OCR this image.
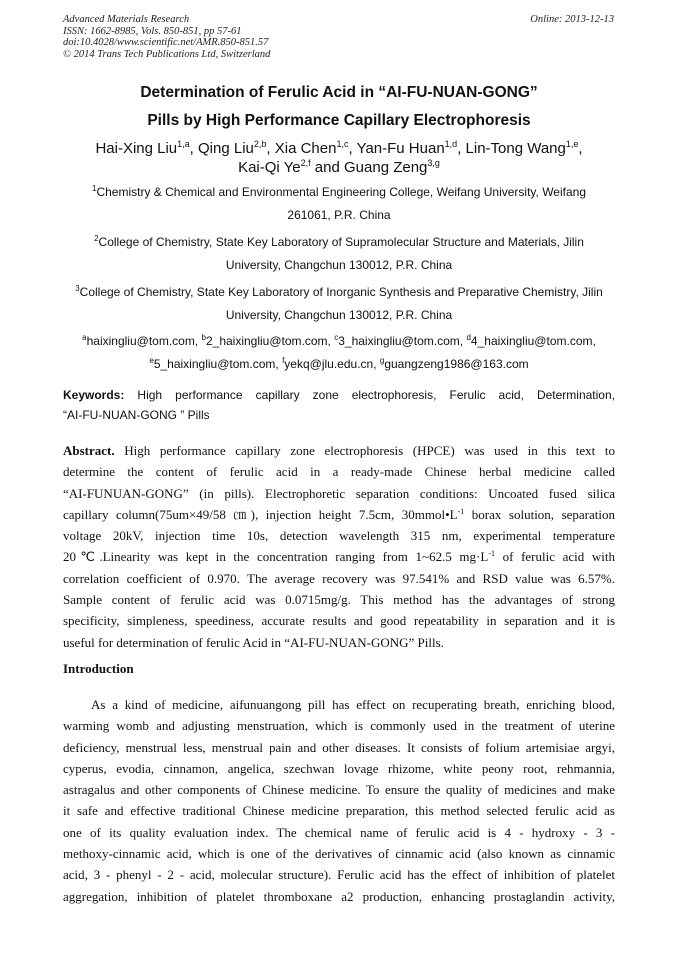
Advanced Materials Research
ISSN: 1662-8985, Vols. 850-851, pp 57-61
doi:10.4028/www.scientific.net/AMR.850-851.57
© 2014 Trans Tech Publications Ltd, Switzerland
Online: 2013-12-13
Determination of Ferulic Acid in “AI-FU-NUAN-GONG”
Pills by High Performance Capillary Electrophoresis
Hai-Xing Liu$^{1,a}$, Qing Liu$^{2,b}$, Xia Chen$^{1,c}$, Yan-Fu Huan$^{1,d}$, Lin-Tong Wang$^{1,e}$,
Kai-Qi Ye$^{2,f}$ and Guang Zeng$^{3,g}$
$^1$Chemistry & Chemical and Environmental Engineering College, Weifang University, Weifang
261061, P.R. China
$^2$College of Chemistry, State Key Laboratory of Supramolecular Structure and Materials, Jilin
University, Changchun 130012, P.R. China
$^3$College of Chemistry, State Key Laboratory of Inorganic Synthesis and Preparative Chemistry, Jilin
University, Changchun 130012, P.R. China
$^a$haixingliu@tom.com, $^b$2_haixingliu@tom.com, $^c$3_haixingliu@tom.com, $^d$4_haixingliu@tom.com,
$^e$5_haixingliu@tom.com, $^f$yekq@jlu.edu.cn, $^g$guangzeng1986@163.com
Keywords: High performance capillary zone electrophoresis, Ferulic acid, Determination,
“AI-FU-NUAN-GONG ” Pills
Abstract. High performance capillary zone electrophoresis (HPCE) was used in this text to
determine the content of ferulic acid in a ready-made Chinese herbal medicine called
“AI-FUNUAN-GONG” (in pills). Electrophoretic separation conditions: Uncoated fused silica
capillary column(75um×49/58 ㎝), injection height 7.5cm, $30mmol•L^{-1}$ borax solution, separation
voltage 20kV, injection time 10s, detection wavelength 315 nm, experimental temperature
20℃.Linearity was kept in the concentration ranging from 1~62.5 $mg\cdot L^{-1}$ of ferulic acid with
correlation coefficient of 0.970. The average recovery was 97.541% and RSD value was 6.57%.
Sample content of ferulic acid was 0.0715mg/g. This method has the advantages of strong
specificity, simpleness, speediness, accurate results and good repeatability in separation and it is
useful for determination of ferulic Acid in “AI-FU-NUAN-GONG” Pills.
Introduction
As a kind of medicine, aifunuangong pill has effect on recuperating breath, enriching blood,
warming womb and adjusting menstruation, which is commonly used in the treatment of uterine
deficiency, menstrual less, menstrual pain and other diseases. It consists of folium artemisiae argyi,
cyperus, evodia, cinnamon, angelica, szechwan lovage rhizome, white peony root, rehmannia,
astragalus and other components of Chinese medicine. To ensure the quality of medicines and make
it safe and effective traditional Chinese medicine preparation, this method selected ferulic acid as
one of its quality evaluation index. The chemical name of ferulic acid is 4 - hydroxy - 3 -
methoxy-cinnamic acid, which is one of the derivatives of cinnamic acid (also known as cinnamic
acid, 3 - phenyl - 2 - acid, molecular structure). Ferulic acid has the effect of inhibition of platelet
aggregation, inhibition of platelet thromboxane a2 production, enhancing prostaglandin activity,
